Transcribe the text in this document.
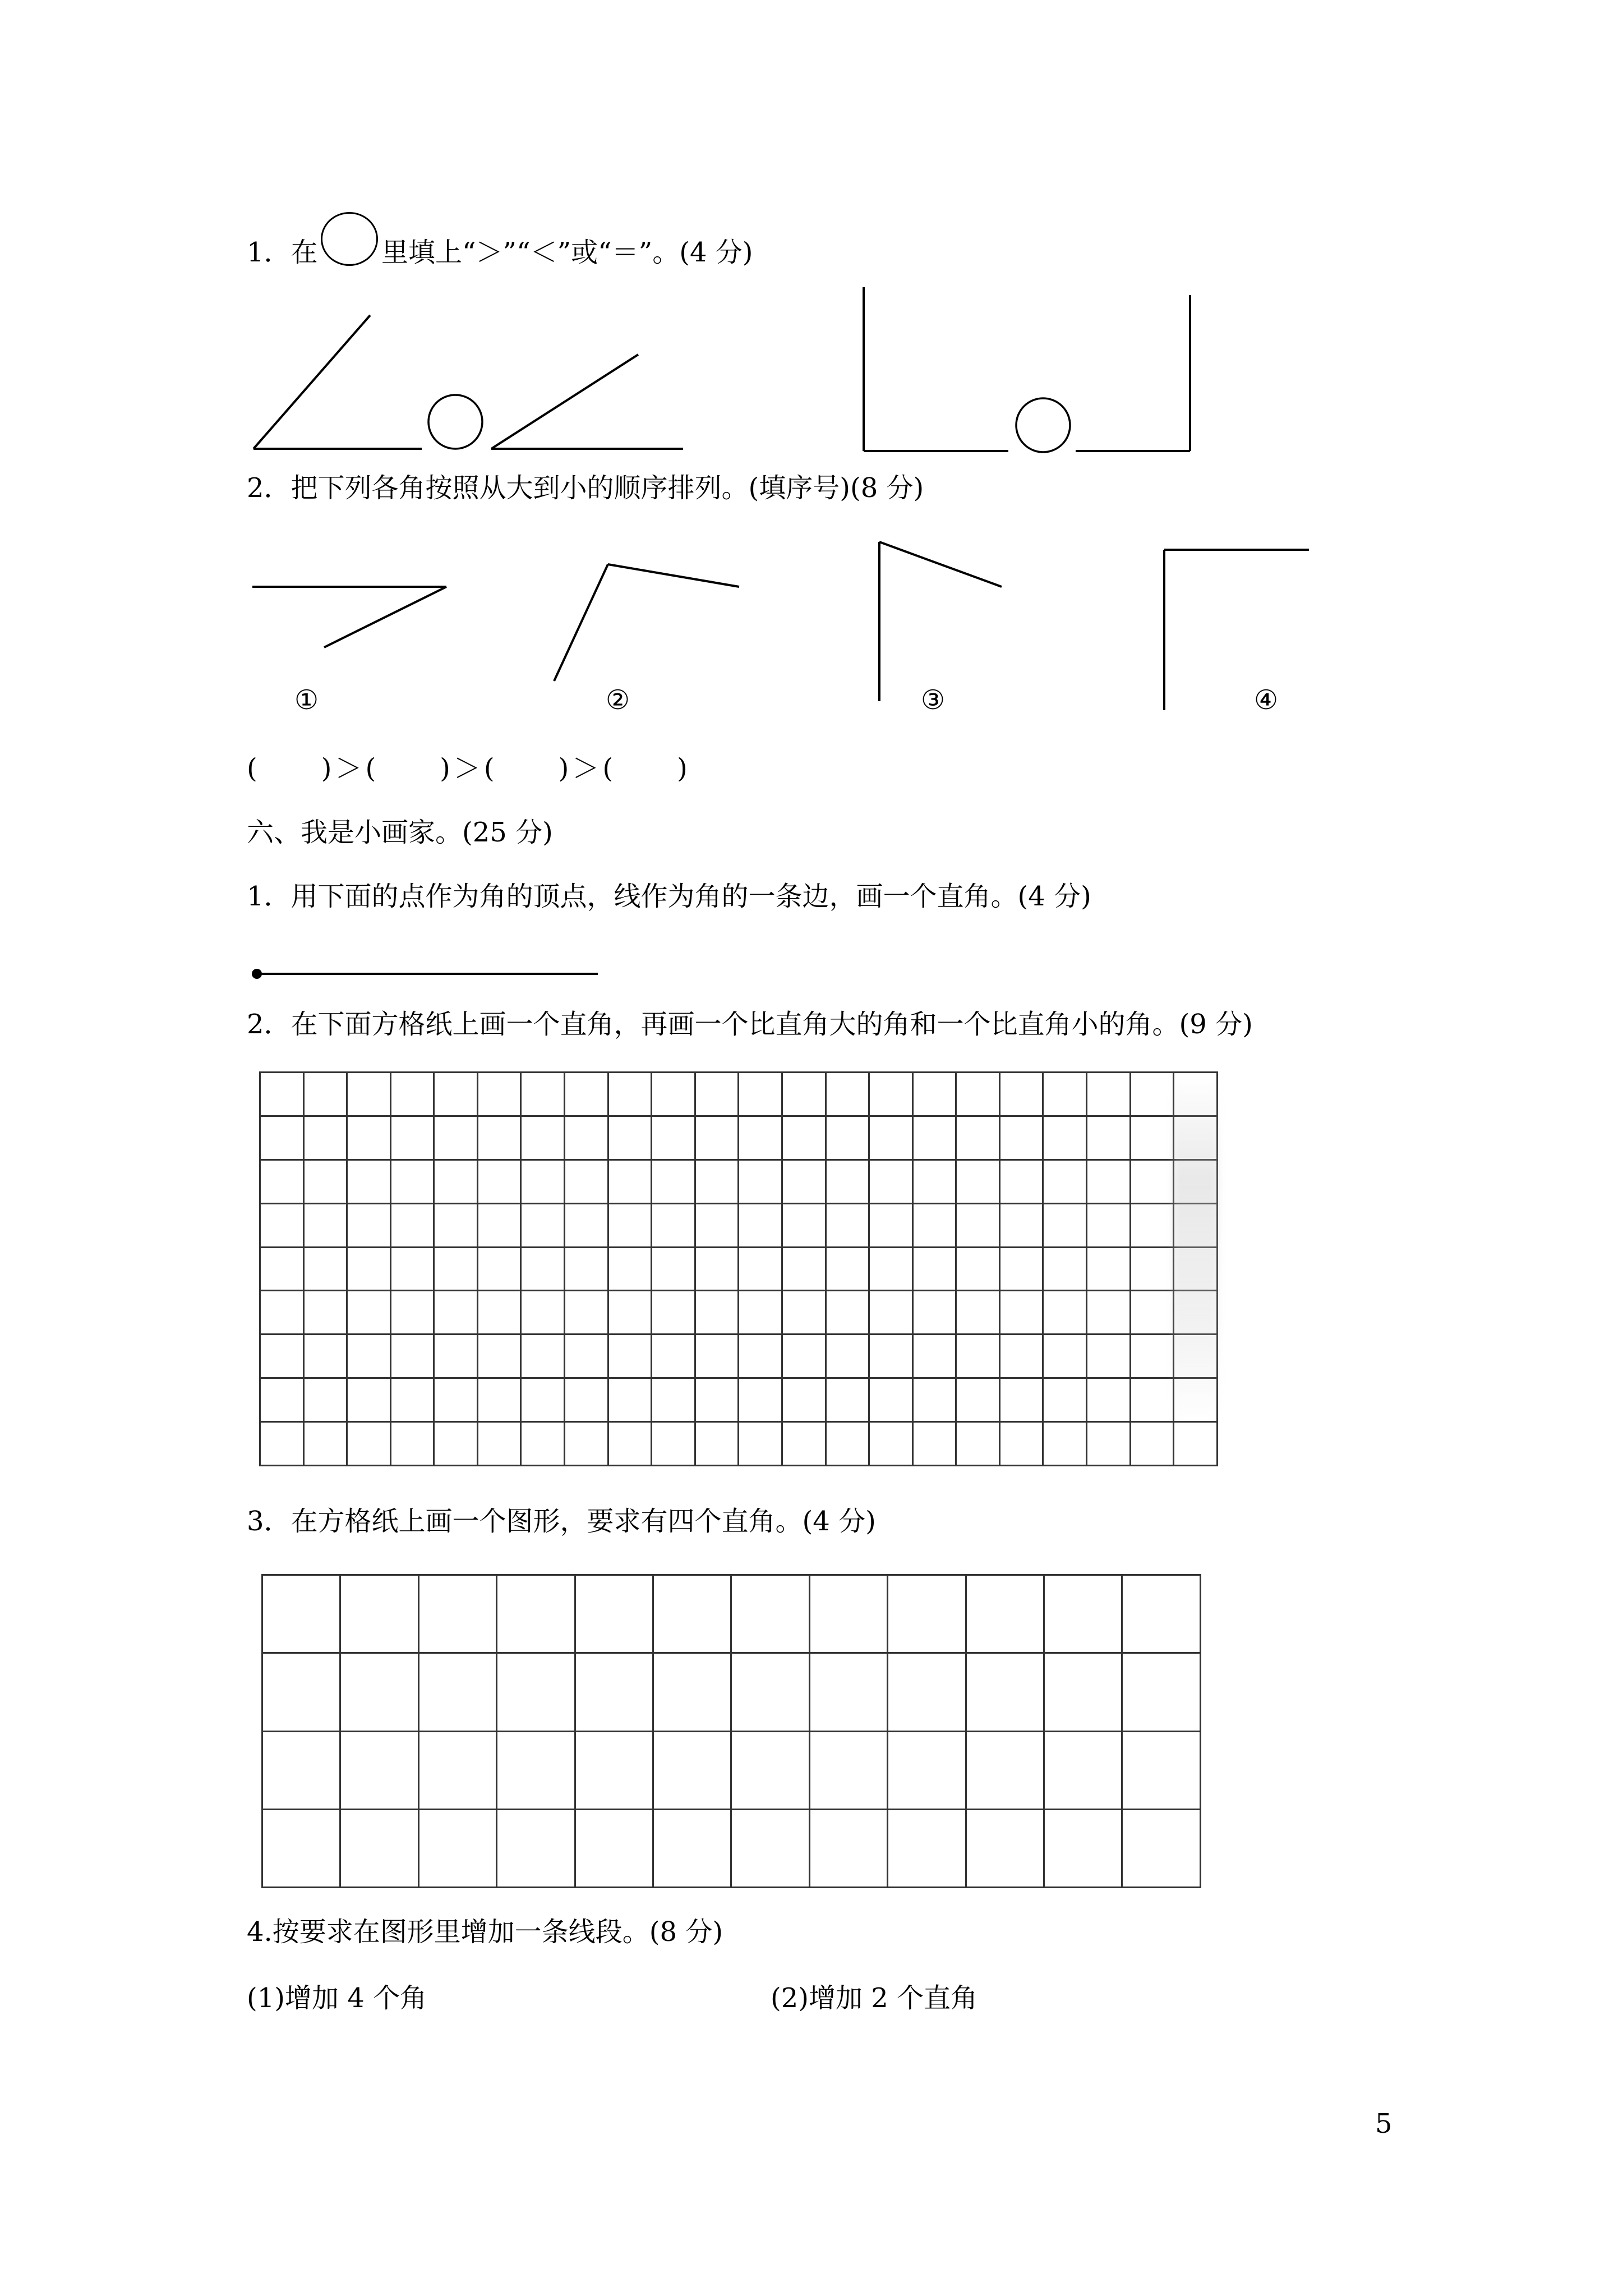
1．在 里填上“＞”“＜”或“＝”。(4 分)
2．把下列各角按照从大到小的顺序排列。(填序号)(8 分)
①	②	③	④
(　　)＞(　　)＞(　　)＞(　　)
六、我是小画家。(25 分)
1．用下面的点作为角的顶点，线作为角的一条边，画一个直角。(4 分)
2．在下面方格纸上画一个直角，再画一个比直角大的角和一个比直角小的角。(9 分)

3．在方格纸上画一个图形，要求有四个直角。(4 分)

4.按要求在图形里增加一条线段。(8 分)
(1)增加 4 个角	(2)增加 2 个直角
5
